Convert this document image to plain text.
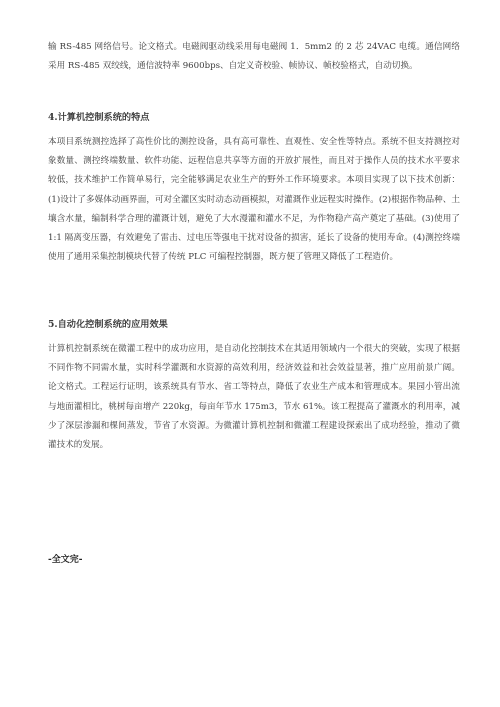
输 RS-485 网络信号。论文格式。电磁阀驱动线采用每电磁阀 1．5mm2 的 2 芯 24VAC 电缆。通信网络采用 RS-485 双绞线，通信波特率 9600bps、自定义奇校验、帧协议、帧校验格式，自动切换。

4.计算机控制系统的特点

本项目系统测控选择了高性价比的测控设备，具有高可靠性、直观性、安全性等特点。系统不但支持测控对象数量、测控终端数量、软件功能、远程信息共享等方面的开放扩展性，而且对于操作人员的技术水平要求较低，技术维护工作简单易行，完全能够满足农业生产的野外工作环境要求。本项目实现了以下技术创新：(1)设计了多媒体动画界面，可对全灌区实时动态动画模拟，对灌溉作业远程实时操作。(2)根据作物品种、土壤含水量，编制科学合理的灌溉计划，避免了大水漫灌和灌水不足，为作物稳产高产奠定了基础。(3)使用了 1:1 隔离变压器，有效避免了雷击、过电压等强电干扰对设备的损害，延长了设备的使用寿命。(4)测控终端使用了通用采集控制模块代替了传统 PLC 可编程控制器，既方便了管理又降低了工程造价。

5.自动化控制系统的应用效果

计算机控制系统在微灌工程中的成功应用，是自动化控制技术在其适用领域内一个很大的突破，实现了根据不同作物不同需水量，实时科学灌溉和水资源的高效利用，经济效益和社会效益显著，推广应用前景广阔。论文格式。工程运行证明，该系统具有节水、省工等特点，降低了农业生产成本和管理成本。果园小管出流与地面灌相比，桃树每亩增产 220kg，每亩年节水 175m3，节水 61%。该工程提高了灌溉水的利用率，减少了深层渗漏和棵间蒸发，节省了水资源。为微灌计算机控制和微灌工程建设探索出了成功经验，推动了微灌技术的发展。

-全文完-
